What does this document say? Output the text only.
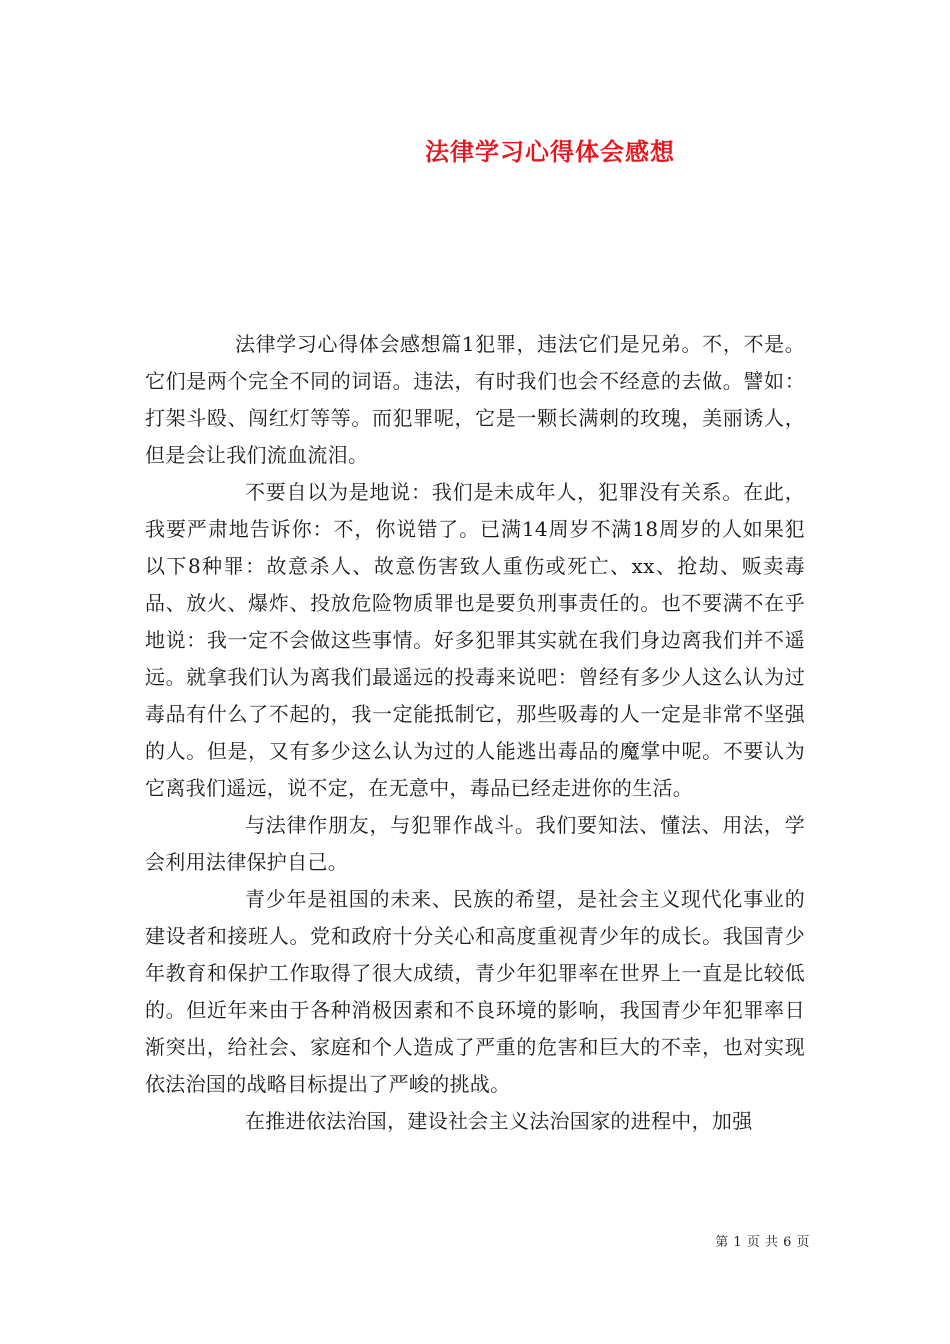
法律学习心得体会感想

法律学习心得体会感想篇1犯罪，违法它们是兄弟。不，不是。它们是两个完全不同的词语。违法，有时我们也会不经意的去做。譬如：打架斗殴、闯红灯等等。而犯罪呢，它是一颗长满刺的玫瑰，美丽诱人，但是会让我们流血流泪。

不要自以为是地说：我们是未成年人，犯罪没有关系。在此，我要严肃地告诉你：不，你说错了。已满14周岁不满18周岁的人如果犯以下8种罪：故意杀人、故意伤害致人重伤或死亡、xx、抢劫、贩卖毒品、放火、爆炸、投放危险物质罪也是要负刑事责任的。也不要满不在乎地说：我一定不会做这些事情。好多犯罪其实就在我们身边离我们并不遥远。就拿我们认为离我们最遥远的投毒来说吧：曾经有多少人这么认为过毒品有什么了不起的，我一定能抵制它，那些吸毒的人一定是非常不坚强的人。但是，又有多少这么认为过的人能逃出毒品的魔掌中呢。不要认为它离我们遥远，说不定，在无意中，毒品已经走进你的生活。

与法律作朋友，与犯罪作战斗。我们要知法、懂法、用法，学会利用法律保护自己。

青少年是祖国的未来、民族的希望，是社会主义现代化事业的建设者和接班人。党和政府十分关心和高度重视青少年的成长。我国青少年教育和保护工作取得了很大成绩，青少年犯罪率在世界上一直是比较低的。但近年来由于各种消极因素和不良环境的影响，我国青少年犯罪率日渐突出，给社会、家庭和个人造成了严重的危害和巨大的不幸，也对实现依法治国的战略目标提出了严峻的挑战。

在推进依法治国，建设社会主义法治国家的进程中，加强

第 1 页 共 6 页
